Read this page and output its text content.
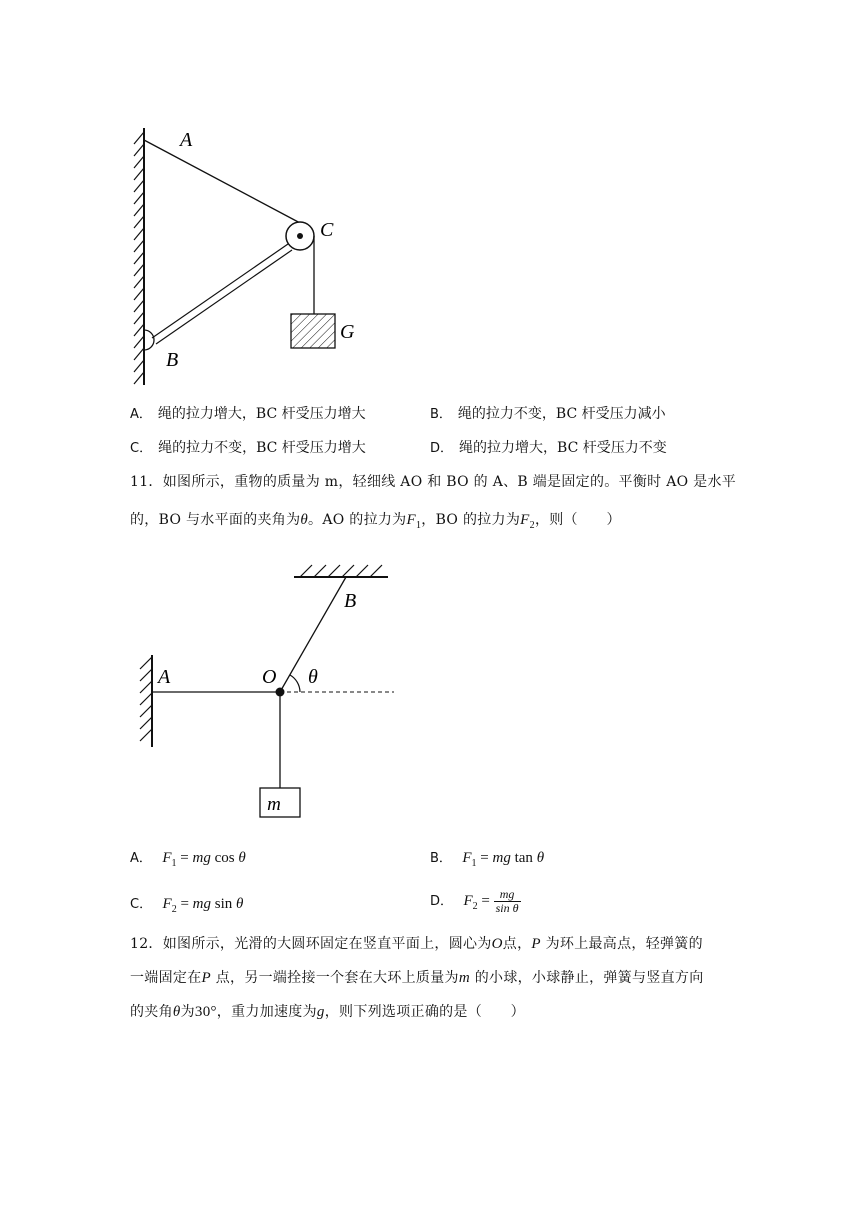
A
C
G
B
A． 绳的拉力增大，BC 杆受压力增大	B． 绳的拉力不变，BC 杆受压力减小
C． 绳的拉力不变，BC 杆受压力增大	D． 绳的拉力增大，BC 杆受压力不变
11．如图所示，重物的质量为 m，轻细线 AO 和 BO 的 A、B 端是固定的。平衡时 AO 是水平
的，BO 与水平面的夹角为θ。AO 的拉力为$F_1$，BO 的拉力为$F_2$，则（　　）
m
A	O θ
B
A． $F_1$ = mg cos θ	B． $F_1$ = mg tan θ
C． $F_2$ = mg sin θ	D． $F_2 = \frac{mg}{\text{sin θ}}$
12．如图所示，光滑的大圆环固定在竖直平面上，圆心为O点，P 为环上最高点，轻弹簧的
一端固定在P 点，另一端拴接一个套在大环上质量为m 的小球，小球静止，弹簧与竖直方向
的夹角θ为30°，重力加速度为g，则下列选项正确的是（　　）
